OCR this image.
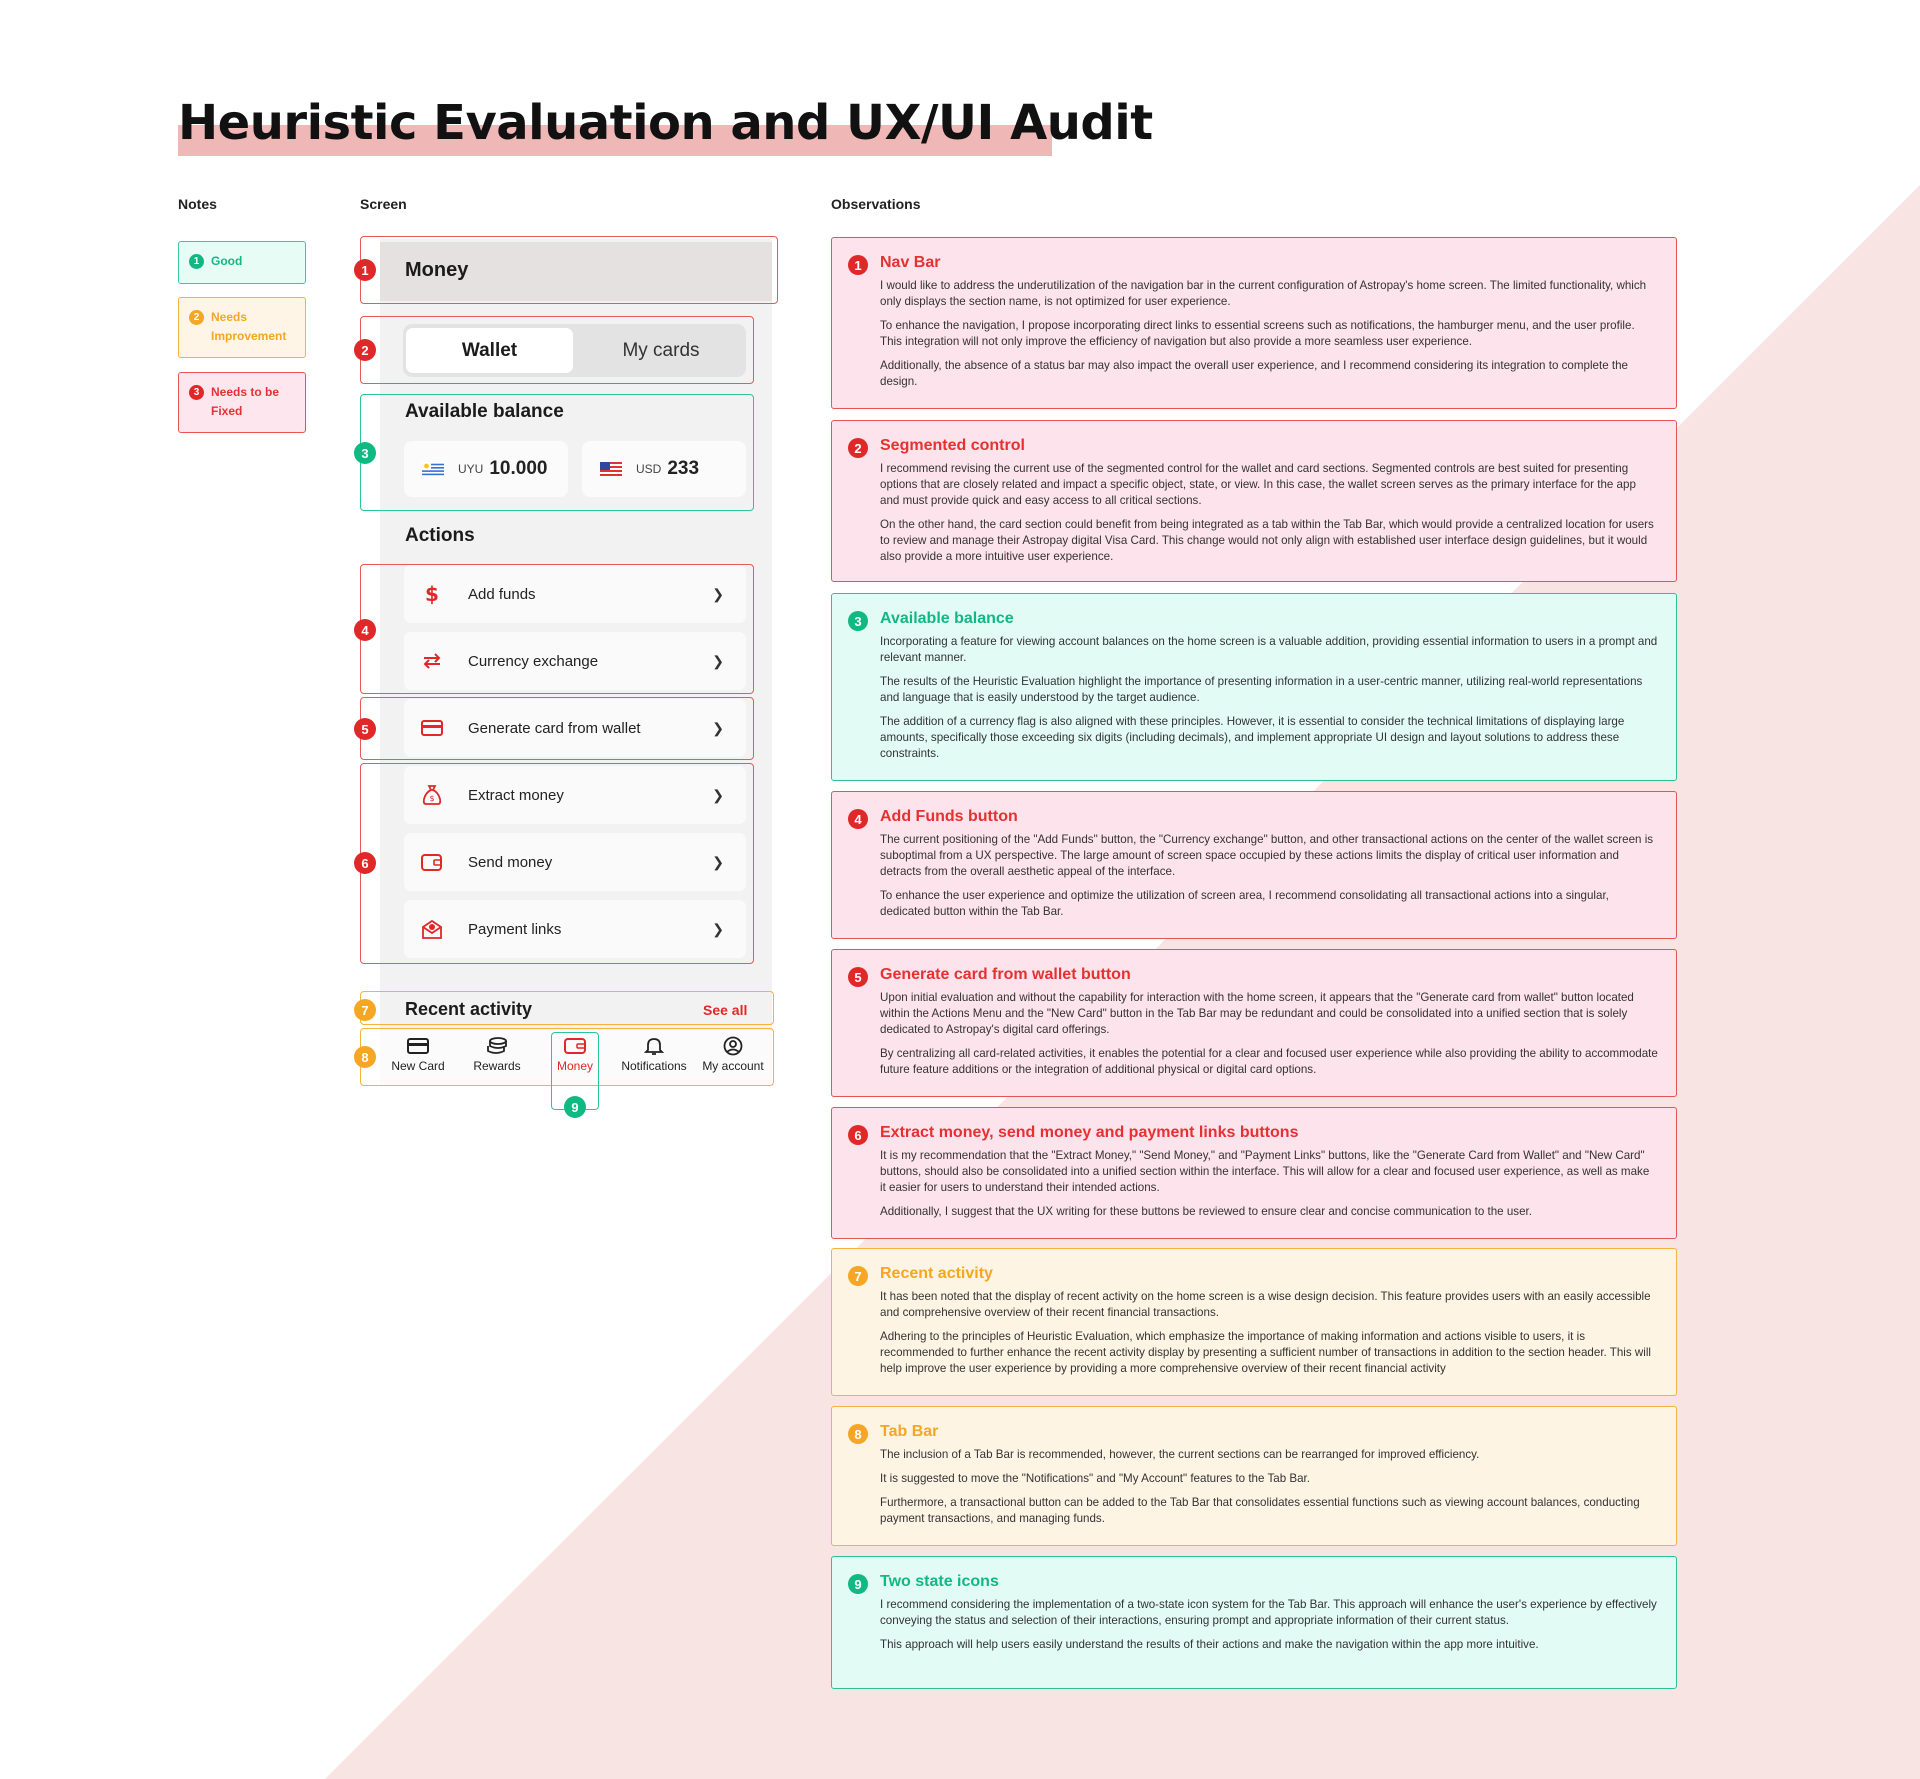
Heuristic Evaluation and UX/UI Audit
Notes	Screen	Observations
1 Good
2 Needs Improvement
3 Needs to be Fixed
Money
Wallet	My cards
Available balance
UYU 10.000	USD 233
Actions
$ Add funds	❯
Currency exchange	❯
Generate card from wallet	❯
$ Extract money	❯
Send money	❯
Payment links	❯
Recent activity	See all
New Card Rewards	Money Notifications My account
1
2
3
4
5
6
7
8
9
1	Nav Bar

I would like to address the underutilization of the navigation bar in the current configuration of Astropay's home screen. The limited functionality, which only displays the section name, is not optimized for user experience.

To enhance the navigation, I propose incorporating direct links to essential screens such as notifications, the hamburger menu, and the user profile. This integration will not only improve the efficiency of navigation but also provide a more seamless user experience.

Additionally, the absence of a status bar may also impact the overall user experience, and I recommend considering its integration to complete the design.

2	Segmented control

I recommend revising the current use of the segmented control for the wallet and card sections. Segmented controls are best suited for presenting options that are closely related and impact a specific object, state, or view. In this case, the wallet screen serves as the primary interface for the app and must provide quick and easy access to all critical sections.

On the other hand, the card section could benefit from being integrated as a tab within the Tab Bar, which would provide a centralized location for users to review and manage their Astropay digital Visa Card. This change would not only align with established user interface design guidelines, but it would also provide a more intuitive user experience.

3	Available balance

Incorporating a feature for viewing account balances on the home screen is a valuable addition, providing essential information to users in a prompt and relevant manner.

The results of the Heuristic Evaluation highlight the importance of presenting information in a user-centric manner, utilizing real-world representations and language that is easily understood by the target audience.

The addition of a currency flag is also aligned with these principles. However, it is essential to consider the technical limitations of displaying large amounts, specifically those exceeding six digits (including decimals), and implement appropriate UI design and layout solutions to address these constraints.

4	Add Funds button

The current positioning of the "Add Funds" button, the "Currency exchange" button, and other transactional actions on the center of the wallet screen is suboptimal from a UX perspective. The large amount of screen space occupied by these actions limits the display of critical user information and detracts from the overall aesthetic appeal of the interface.

To enhance the user experience and optimize the utilization of screen area, I recommend consolidating all transactional actions into a singular, dedicated button within the Tab Bar.

5	Generate card from wallet button

Upon initial evaluation and without the capability for interaction with the home screen, it appears that the "Generate card from wallet" button located within the Actions Menu and the "New Card" button in the Tab Bar may be redundant and could be consolidated into a unified section that is solely dedicated to Astropay's digital card offerings.

By centralizing all card-related activities, it enables the potential for a clear and focused user experience while also providing the ability to accommodate future feature additions or the integration of additional physical or digital card options.

6	Extract money, send money and payment links buttons

It is my recommendation that the "Extract Money," "Send Money," and "Payment Links" buttons, like the "Generate Card from Wallet" and "New Card" buttons, should also be consolidated into a unified section within the interface. This will allow for a clear and focused user experience, as well as make it easier for users to understand their intended actions.

Additionally, I suggest that the UX writing for these buttons be reviewed to ensure clear and concise communication to the user.

7	Recent activity

It has been noted that the display of recent activity on the home screen is a wise design decision. This feature provides users with an easily accessible and comprehensive overview of their recent financial transactions.

Adhering to the principles of Heuristic Evaluation, which emphasize the importance of making information and actions visible to users, it is recommended to further enhance the recent activity display by presenting a sufficient number of transactions in addition to the section header. This will help improve the user experience by providing a more comprehensive overview of their recent financial activity

8	Tab Bar

The inclusion of a Tab Bar is recommended, however, the current sections can be rearranged for improved efficiency.

It is suggested to move the "Notifications" and "My Account" features to the Tab Bar.

Furthermore, a transactional button can be added to the Tab Bar that consolidates essential functions such as viewing account balances, conducting payment transactions, and managing funds.

9	Two state icons

I recommend considering the implementation of a two-state icon system for the Tab Bar. This approach will enhance the user's experience by effectively conveying the status and selection of their interactions, ensuring prompt and appropriate information of their current status.

This approach will help users easily understand the results of their actions and make the navigation within the app more intuitive.
